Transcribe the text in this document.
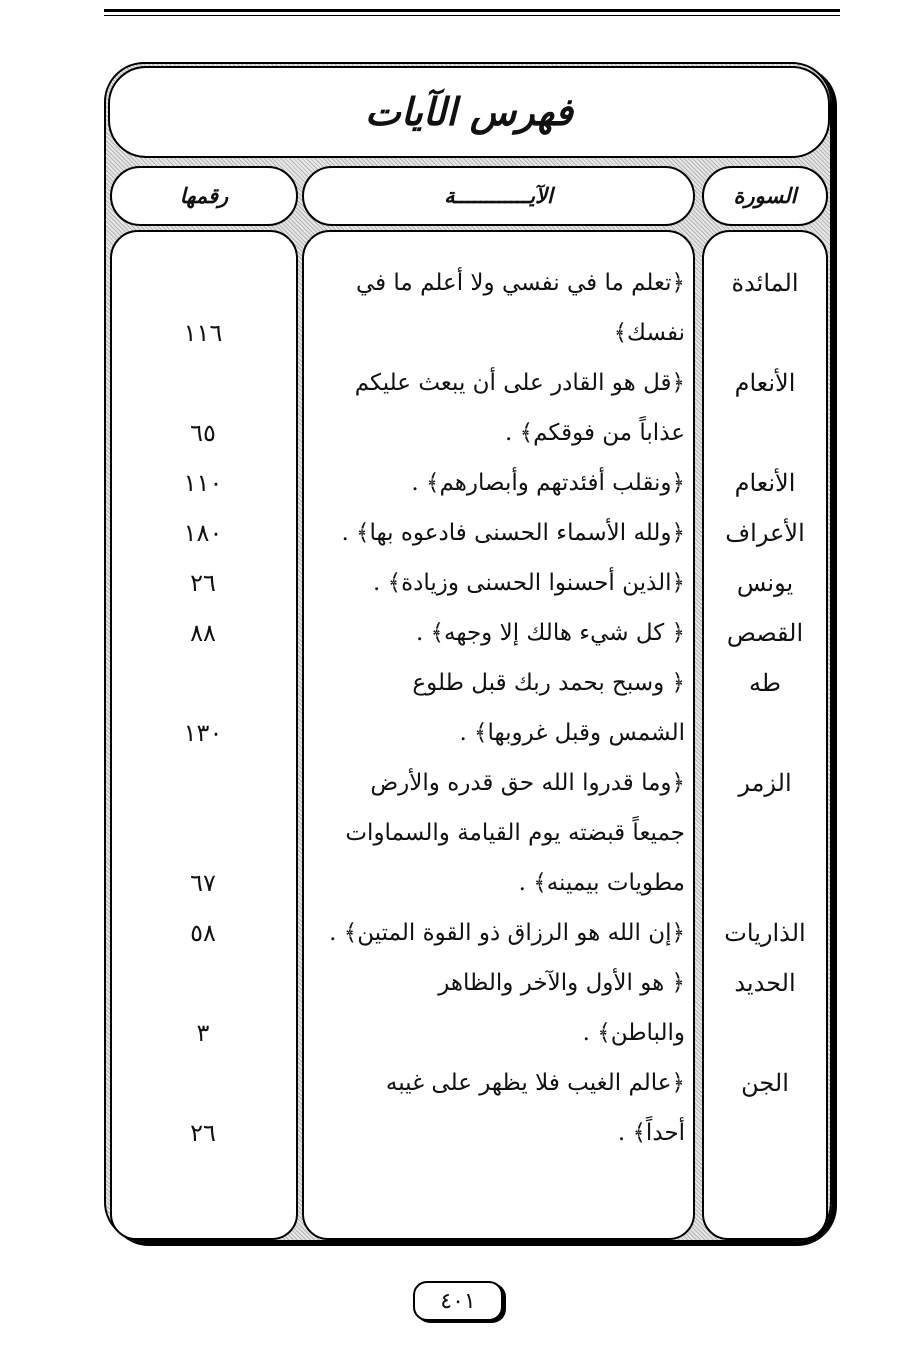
فهرس الآيات
رقمها	الآيــــــــــــة	السورة
المائدة
﴿تعلم ما في نفسي ولا أعلم ما في
نفسك﴾
١١٦
الأنعام
﴿قل هو القادر على أن يبعث عليكم
عذاباً من فوقكم﴾ .
٦٥
الأنعام
﴿ونقلب أفئدتهم وأبصارهم﴾ .
١١٠
الأعراف
﴿ولله الأسماء الحسنى فادعوه بها﴾ .
١٨٠
يونس
﴿الذين أحسنوا الحسنى وزيادة﴾ .
٢٦
القصص
﴿ كل شيء هالك إلا وجهه﴾ .
٨٨
طه
﴿ وسبح بحمد ربك قبل طلوع
الشمس وقبل غروبها﴾ .
١٣٠
الزمر
﴿وما قدروا الله حق قدره والأرض
جميعاً قبضته يوم القيامة والسماوات
مطويات بيمينه﴾ .
٦٧
الذاريات
﴿إن الله هو الرزاق ذو القوة المتين﴾ .
٥٨
الحديد
﴿ هو الأول والآخر والظاهر
والباطن﴾ .
٣
الجن
﴿عالم الغيب فلا يظهر على غيبه
أحداً﴾ .
٢٦
٤٠١
